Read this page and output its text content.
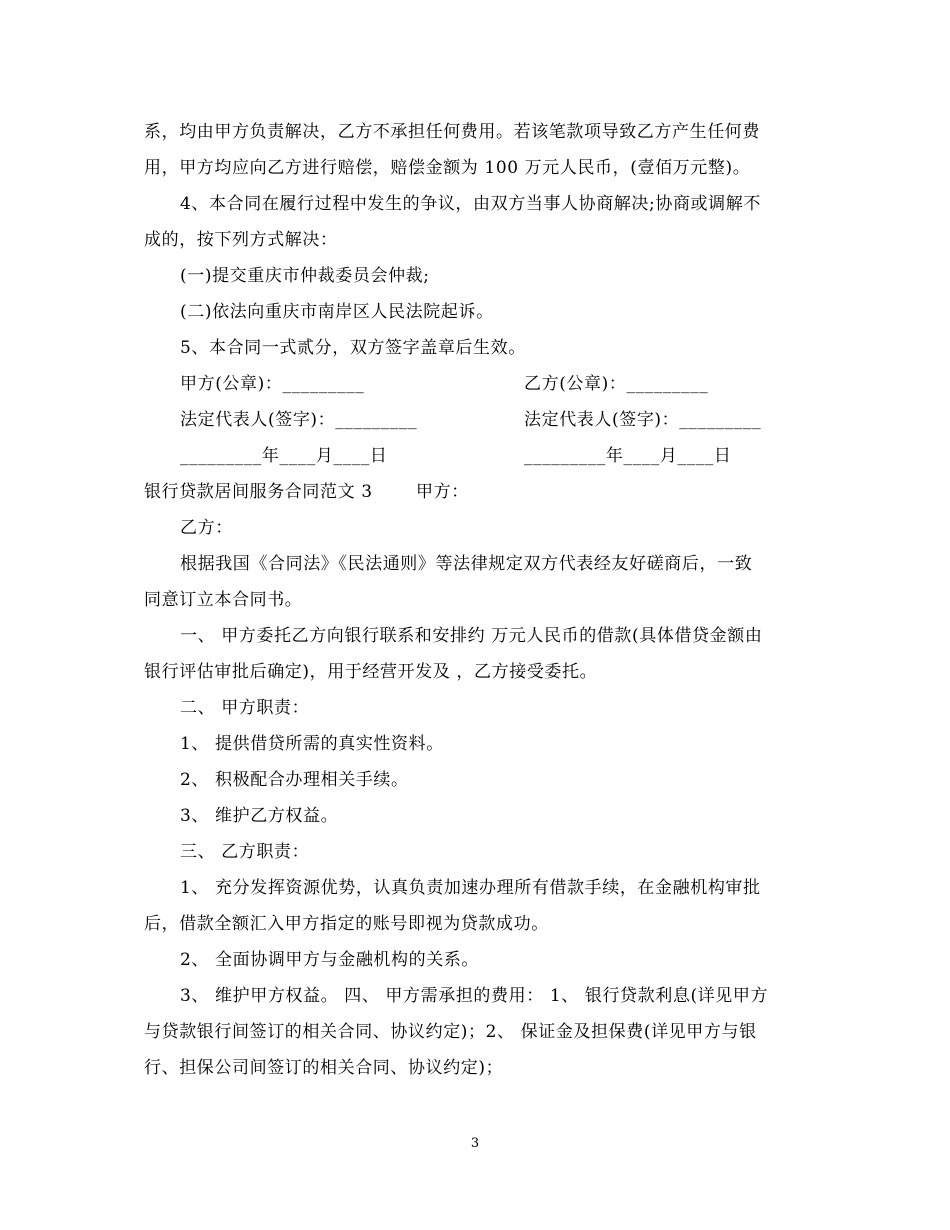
系，均由甲方负责解决，乙方不承担任何费用。若该笔款项导致乙方产生任何费
用，甲方均应向乙方进行赔偿，赔偿金额为 100 万元人民币，(壹佰万元整)。
4、本合同在履行过程中发生的争议，由双方当事人协商解决;协商或调解不
成的，按下列方式解决：
(一)提交重庆市仲裁委员会仲裁;
(二)依法向重庆市南岸区人民法院起诉。
5、本合同一式贰分，双方签字盖章后生效。
甲方(公章)：_________	乙方(公章)：_________
法定代表人(签字)：_________	法定代表人(签字)：_________
_________年____月____日	_________年____月____日
银行贷款居间服务合同范文 3	甲方：
乙方：
根据我国《合同法》《民法通则》等法律规定双方代表经友好磋商后，一致
同意订立本合同书。
一、 甲方委托乙方向银行联系和安排约 万元人民币的借款(具体借贷金额由
银行评估审批后确定)，用于经营开发及 ，乙方接受委托。
二、 甲方职责：
1、 提供借贷所需的真实性资料。
2、 积极配合办理相关手续。
3、 维护乙方权益。
三、 乙方职责：
1、 充分发挥资源优势，认真负责加速办理所有借款手续，在金融机构审批
后，借款全额汇入甲方指定的账号即视为贷款成功。
2、 全面协调甲方与金融机构的关系。
3、 维护甲方权益。 四、 甲方需承担的费用： 1、 银行贷款利息(详见甲方
与贷款银行间签订的相关合同、协议约定)；2、 保证金及担保费(详见甲方与银
行、担保公司间签订的相关合同、协议约定)；
3
